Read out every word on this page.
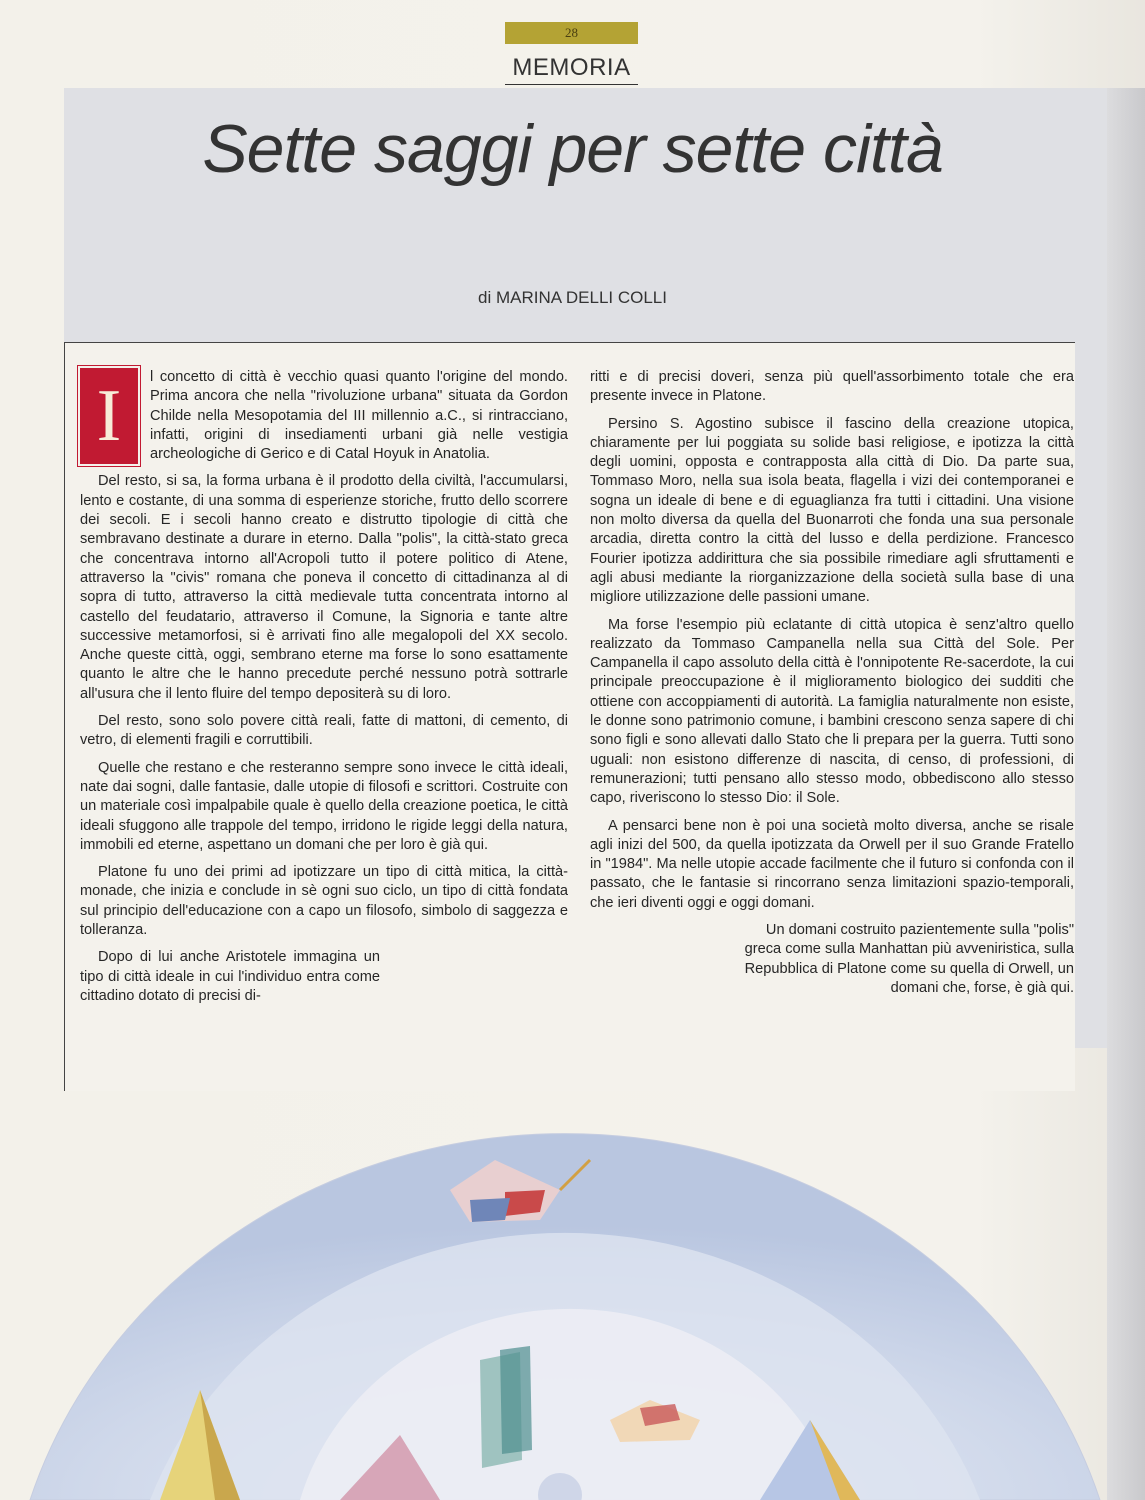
28
MEMORIA
Sette saggi per sette città
di MARINA DELLI COLLI

I	l concetto di città è vecchio quasi quanto l'origine del mondo. Prima ancora che nella "rivoluzione urbana" situata da Gordon Childe nella Mesopotamia del III millennio a.C., si rintracciano, infatti, origini di insediamenti urbani già nelle vestigia archeologiche di Gerico e di Catal Hoyuk in Anatolia.

Del resto, si sa, la forma urbana è il prodotto della civiltà, l'accumularsi, lento e costante, di una somma di esperienze storiche, frutto dello scorrere dei secoli. E i secoli hanno creato e distrutto tipologie di città che sembravano destinate a durare in eterno. Dalla "polis", la città-stato greca che concentrava intorno all'Acropoli tutto il potere politico di Atene, attraverso la "civis" romana che poneva il concetto di cittadinanza al di sopra di tutto, attraverso la città medievale tutta concentrata intorno al castello del feudatario, attraverso il Comune, la Signoria e tante altre successive metamorfosi, si è arrivati fino alle megalopoli del XX secolo. Anche queste città, oggi, sembrano eterne ma forse lo sono esattamente quanto le altre che le hanno precedute perché nessuno potrà sottrarle all'usura che il lento fluire del tempo depositerà su di loro.

Del resto, sono solo povere città reali, fatte di mattoni, di cemento, di vetro, di elementi fragili e corruttibili.

Quelle che restano e che resteranno sempre sono invece le città ideali, nate dai sogni, dalle fantasie, dalle utopie di filosofi e scrittori. Costruite con un materiale così impalpabile quale è quello della creazione poetica, le città ideali sfuggono alle trappole del tempo, irridono le rigide leggi della natura, immobili ed eterne, aspettano un domani che per loro è già qui.

Platone fu uno dei primi ad ipotizzare un tipo di città mitica, la città-monade, che inizia e conclude in sè ogni suo ciclo, un tipo di città fondata sul principio dell'educazione con a capo un filosofo, simbolo di saggezza e tolleranza.

Dopo di lui anche Aristotele immagina un tipo di città ideale in cui l'individuo entra come cittadino dotato di precisi di-

ritti e di precisi doveri, senza più quell'assorbimento totale che era presente invece in Platone.

Persino S. Agostino subisce il fascino della creazione utopica, chiaramente per lui poggiata su solide basi religiose, e ipotizza la città degli uomini, opposta e contrapposta alla città di Dio. Da parte sua, Tommaso Moro, nella sua isola beata, flagella i vizi dei contemporanei e sogna un ideale di bene e di eguaglianza fra tutti i cittadini. Una visione non molto diversa da quella del Buonarroti che fonda una sua personale arcadia, diretta contro la città del lusso e della perdizione. Francesco Fourier ipotizza addirittura che sia possibile rimediare agli sfruttamenti e agli abusi mediante la riorganizzazione della società sulla base di una migliore utilizzazione delle passioni umane.

Ma forse l'esempio più eclatante di città utopica è senz'altro quello realizzato da Tommaso Campanella nella sua Città del Sole. Per Campanella il capo assoluto della città è l'onnipotente Re-sacerdote, la cui principale preoccupazione è il miglioramento biologico dei sudditi che ottiene con accoppiamenti di autorità. La famiglia naturalmente non esiste, le donne sono patrimonio comune, i bambini crescono senza sapere di chi sono figli e sono allevati dallo Stato che li prepara per la guerra. Tutti sono uguali: non esistono differenze di nascita, di censo, di professioni, di remunerazioni; tutti pensano allo stesso modo, obbediscono allo stesso capo, riveriscono lo stesso Dio: il Sole.

A pensarci bene non è poi una società molto diversa, anche se risale agli inizi del 500, da quella ipotizzata da Orwell per il suo Grande Fratello in "1984". Ma nelle utopie accade facilmente che il futuro si confonda con il passato, che le fantasie si rincorrano senza limitazioni spazio-temporali, che ieri diventi oggi e oggi domani.

Un domani costruito pazientemente sulla "polis" greca come sulla Manhattan più avveniristica, sulla Repubblica di Platone come su quella di Orwell, un domani che, forse, è già qui.
